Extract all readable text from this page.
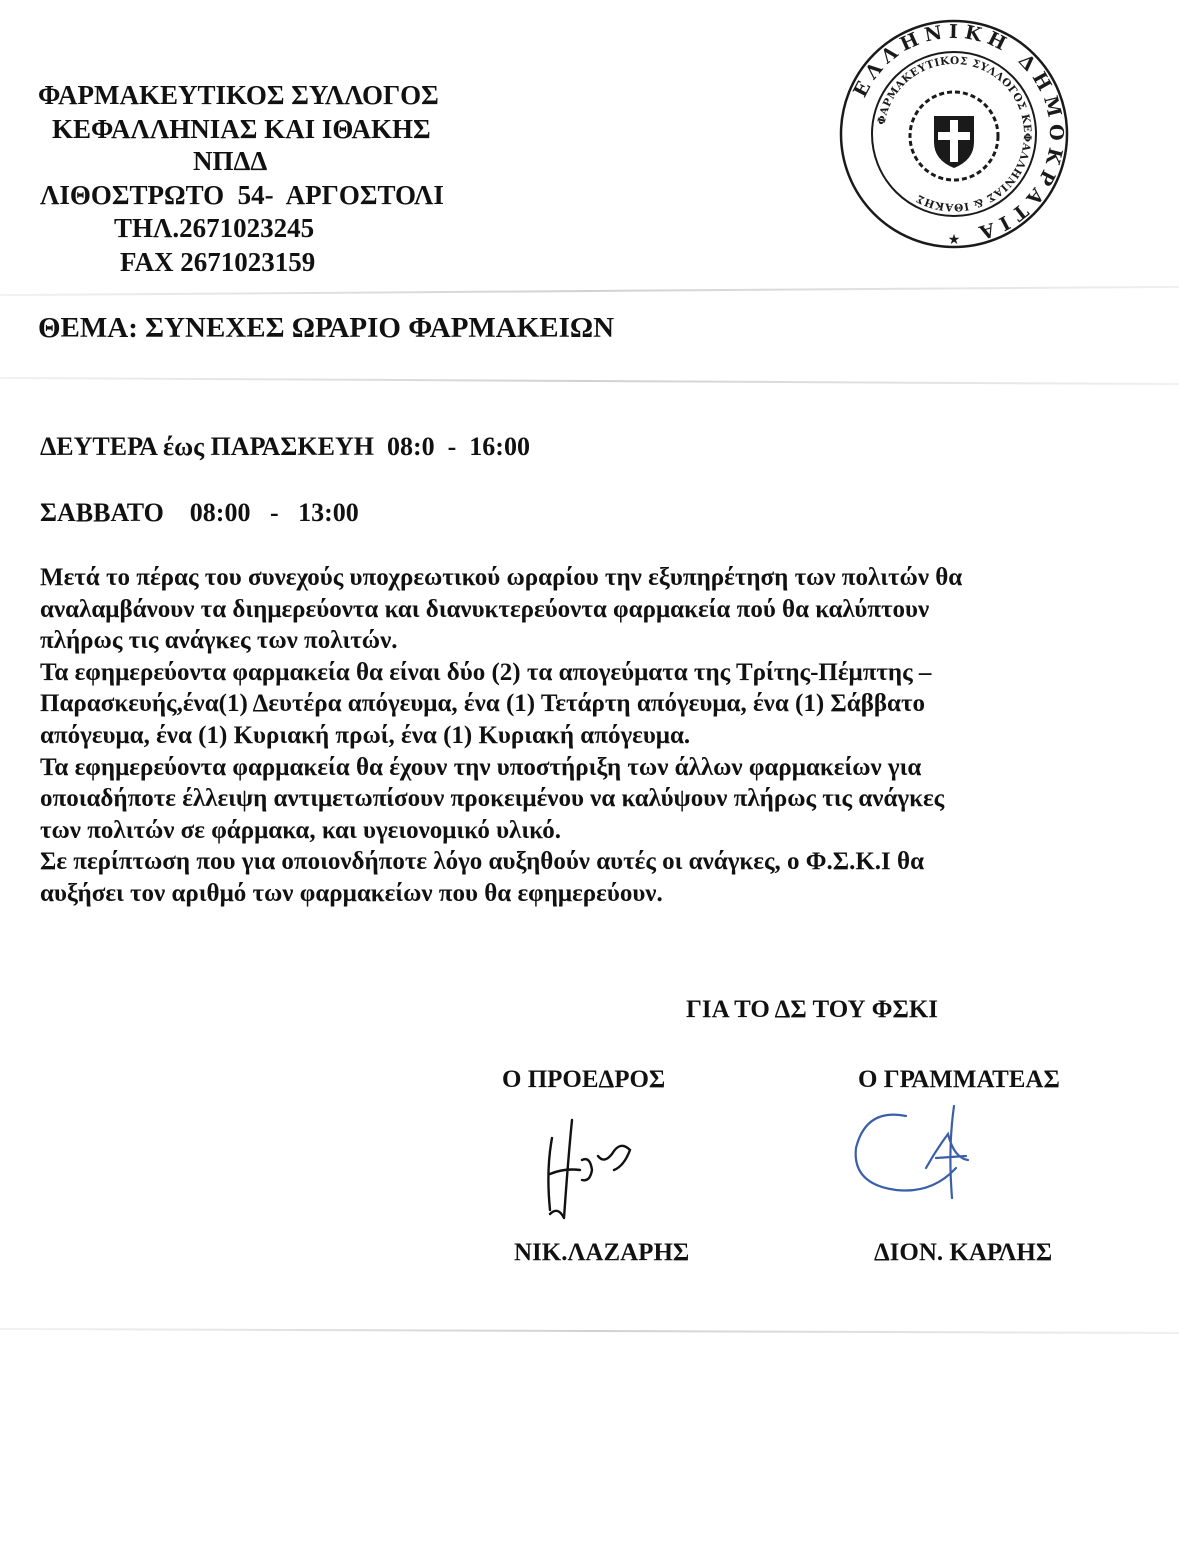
ΦΑΡΜΑΚΕΥΤΙΚΟΣ ΣΥΛΛΟΓΟΣ
ΚΕΦΑΛΛΗΝΙΑΣ ΚΑΙ ΙΘΑΚΗΣ
ΝΠΔΔ
ΛΙΘΟΣΤΡΩΤΟ  54-  ΑΡΓΟΣΤΟΛΙ
ΤΗΛ.2671023245
FAX 2671023159
ΕΛΛΗΝΙΚΗ ΔΗΜΟΚΡΑΤΙΑ
ΦΑΡΜΑΚΕΥΤΙΚΟΣ ΣΥΛΛΟΓΟΣ ΚΕΦΑΛΛΗΝΙΑΣ & ΙΘΑΚΗΣ
★
ΘΕΜΑ: ΣΥΝΕΧΕΣ ΩΡΑΡΙΟ ΦΑΡΜΑΚΕΙΩΝ
ΔΕΥΤΕΡΑ έως ΠΑΡΑΣΚΕΥΗ  08:0  -  16:00
ΣΑΒΒΑΤΟ    08:00   -   13:00

Μετά το πέρας του συνεχούς υποχρεωτικού ωραρίου την εξυπηρέτηση των πολιτών θα

αναλαμβάνουν τα διημερεύοντα και διανυκτερεύοντα φαρμακεία πού θα καλύπτουν

πλήρως τις ανάγκες των πολιτών.

Τα εφημερεύοντα φαρμακεία θα είναι δύο (2) τα απογεύματα της Τρίτης-Πέμπτης –

Παρασκευής,ένα(1) Δευτέρα απόγευμα, ένα (1) Τετάρτη απόγευμα, ένα (1) Σάββατο

απόγευμα, ένα (1) Κυριακή πρωί, ένα (1) Κυριακή απόγευμα.

Τα εφημερεύοντα φαρμακεία θα έχουν την υποστήριξη των άλλων φαρμακείων για

οποιαδήποτε έλλειψη αντιμετωπίσουν προκειμένου να καλύψουν πλήρως τις ανάγκες

των πολιτών σε φάρμακα, και υγειονομικό υλικό.

Σε περίπτωση που για οποιονδήποτε λόγο αυξηθούν αυτές οι ανάγκες, ο Φ.Σ.Κ.Ι θα

αυξήσει τον αριθμό των φαρμακείων που θα εφημερεύουν.

ΓΙΑ ΤΟ ΔΣ ΤΟΥ ΦΣΚΙ
Ο ΠΡΟΕΔΡΟΣ	Ο ΓΡΑΜΜΑΤΕΑΣ
ΝΙΚ.ΛΑΖΑΡΗΣ	ΔΙΟΝ. ΚΑΡΛΗΣ
